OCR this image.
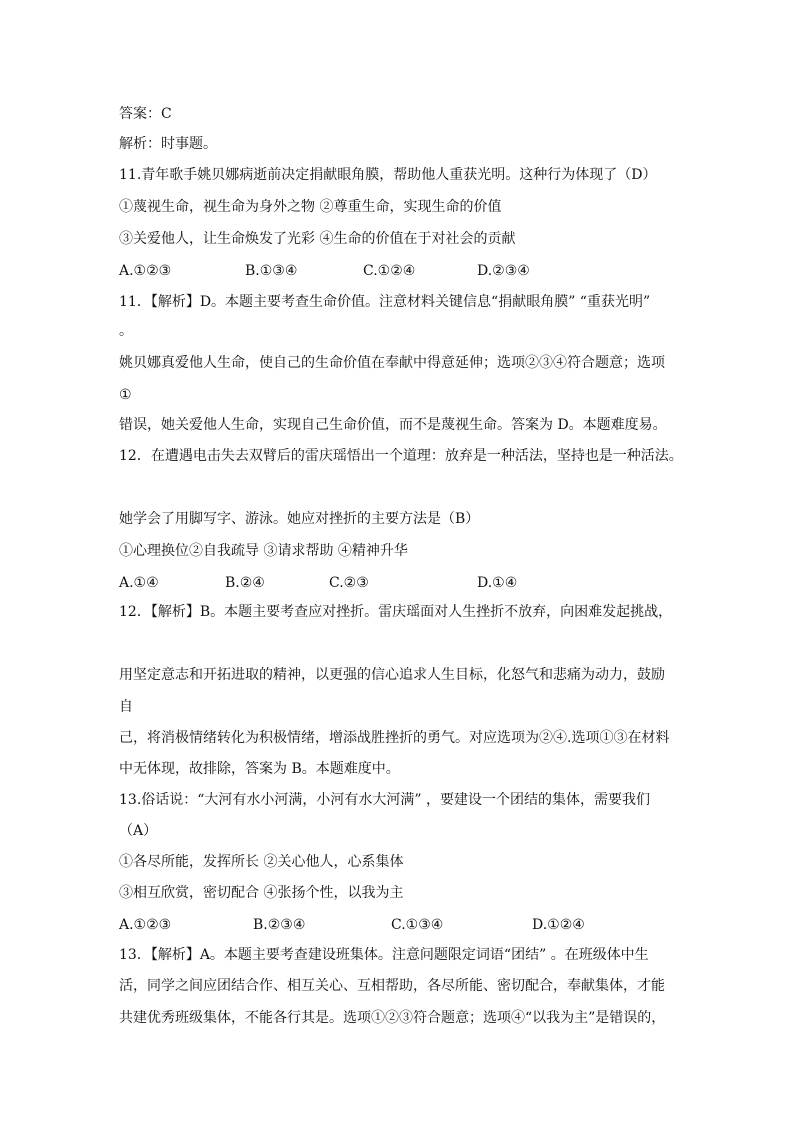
答案：C
解析：时事题。
11.青年歌手姚贝娜病逝前决定捐献眼角膜，帮助他人重获光明。这种行为体现了（D）
①蔑视生命，视生命为身外之物 ②尊重生命，实现生命的价值
③关爱他人，让生命焕发了光彩 ④生命的价值在于对社会的贡献
A.①②③	B.①③④	C.①②④	D.②③④
11．【解析】D。本题主要考查生命价值。注意材料关键信息“捐献眼角膜” “重获光明”
。
姚贝娜真爱他人生命，使自己的生命价值在奉献中得意延伸；选项②③④符合题意；选项
①
错误，她关爱他人生命，实现自己生命价值，而不是蔑视生命。答案为 D。本题难度易。
12．在遭遇电击失去双臂后的雷庆瑶悟出一个道理：放弃是一种活法，坚持也是一种活法。
她学会了用脚写字、游泳。她应对挫折的主要方法是（B）
①心理换位②自我疏导 ③请求帮助 ④精神升华
A.①④	B.②④	C.②③	D.①④
12．【解析】B。本题主要考查应对挫折。雷庆瑶面对人生挫折不放弃，向困难发起挑战，
用坚定意志和开拓进取的精神，以更强的信心追求人生目标，化怒气和悲痛为动力，鼓励
自
己，将消极情绪转化为积极情绪，增添战胜挫折的勇气。对应选项为②④.选项①③在材料
中无体现，故排除，答案为 B。本题难度中。
13.俗话说：“大河有水小河满，小河有水大河满” ，要建设一个团结的集体，需要我们
（A）
①各尽所能，发挥所长 ②关心他人，心系集体
③相互欣赏，密切配合 ④张扬个性，以我为主
A.①②③	B.②③④	C.①③④	D.①②④
13．【解析】A。本题主要考查建设班集体。注意问题限定词语“团结” 。在班级体中生
活，同学之间应团结合作、相互关心、互相帮助，各尽所能、密切配合，奉献集体，才能
共建优秀班级集体，不能各行其是。选项①②③符合题意；选项④“以我为主”是错误的，
